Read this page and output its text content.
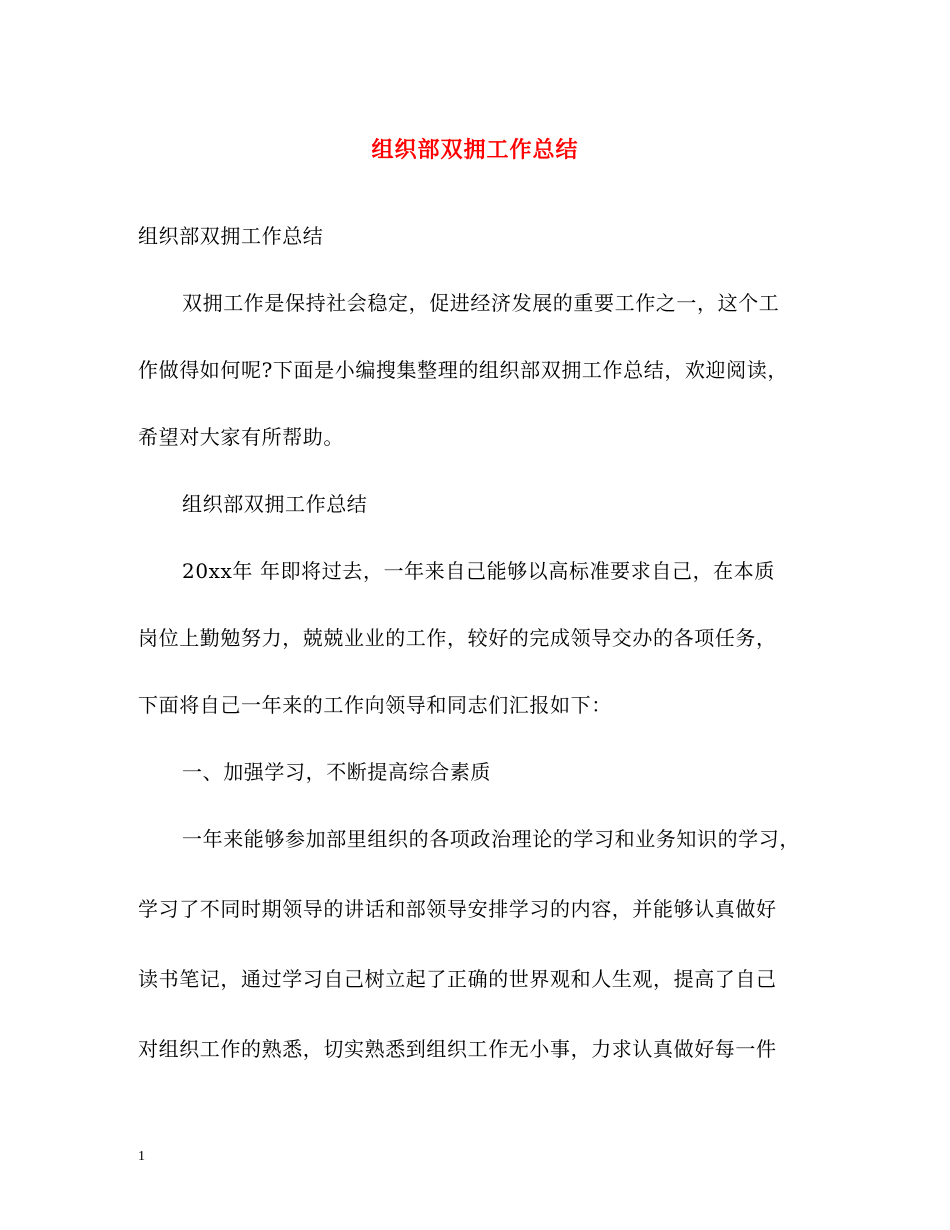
组织部双拥工作总结
组织部双拥工作总结
双拥工作是保持社会稳定，促进经济发展的重要工作之一，这个工
作做得如何呢?下面是小编搜集整理的组织部双拥工作总结，欢迎阅读，
希望对大家有所帮助。
组织部双拥工作总结
20xx年 年即将过去，一年来自己能够以高标准要求自己，在本质
岗位上勤勉努力，兢兢业业的工作，较好的完成领导交办的各项任务，
下面将自己一年来的工作向领导和同志们汇报如下：
一、加强学习，不断提高综合素质
一年来能够参加部里组织的各项政治理论的学习和业务知识的学习，
学习了不同时期领导的讲话和部领导安排学习的内容，并能够认真做好
读书笔记，通过学习自己树立起了正确的世界观和人生观，提高了自己
对组织工作的熟悉，切实熟悉到组织工作无小事，力求认真做好每一件
1
